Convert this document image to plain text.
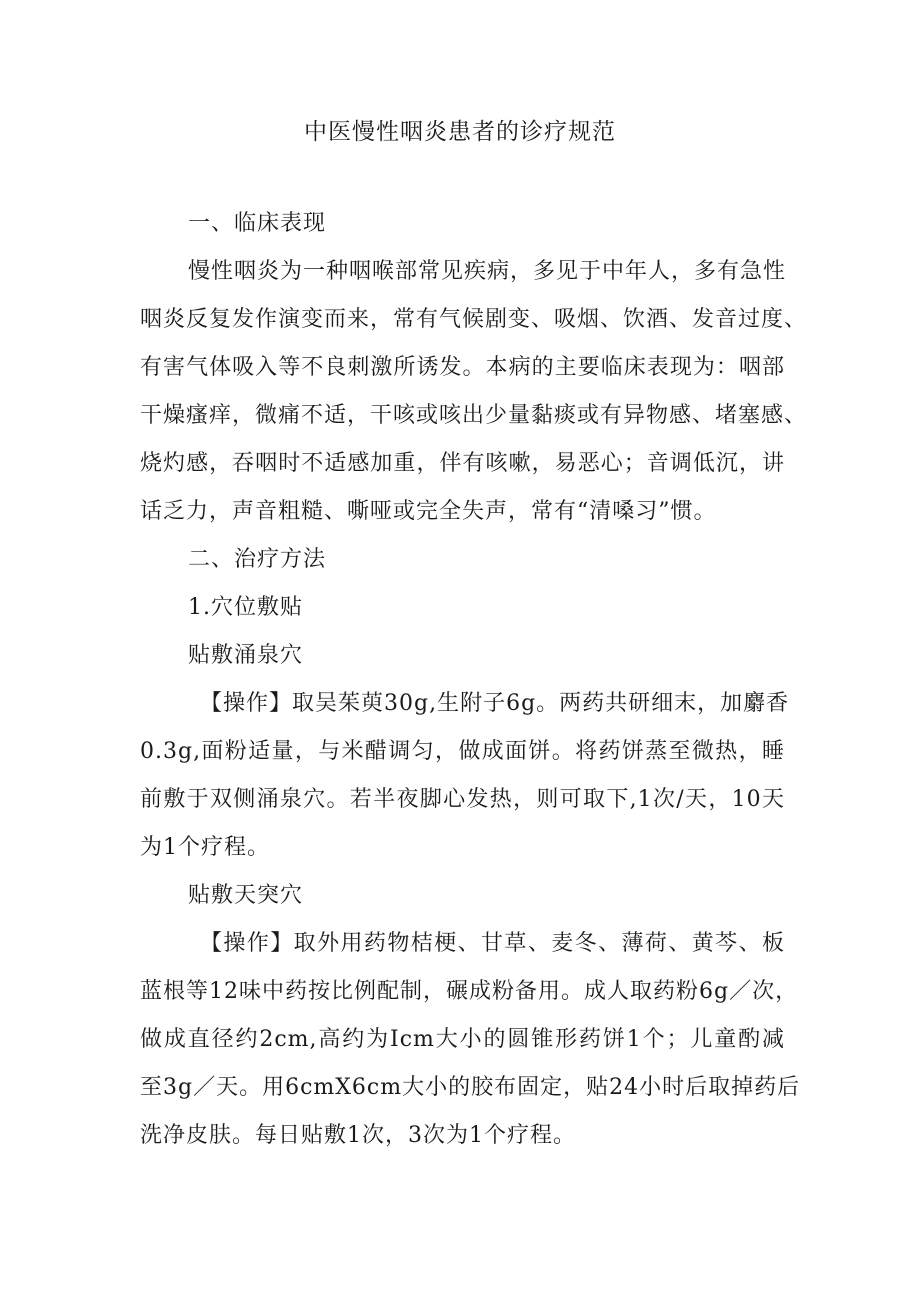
中医慢性咽炎患者的诊疗规范
一、临床表现
慢性咽炎为一种咽喉部常见疾病，多见于中年人，多有急性
咽炎反复发作演变而来，常有气候剧变、吸烟、饮酒、发音过度、
有害气体吸入等不良刺激所诱发。本病的主要临床表现为：咽部
干燥瘙痒，微痛不适，干咳或咳出少量黏痰或有异物感、堵塞感、
烧灼感，吞咽时不适感加重，伴有咳嗽，易恶心；音调低沉，讲
话乏力，声音粗糙、嘶哑或完全失声，常有“清嗓习”惯。
二、治疗方法
1.穴位敷贴
贴敷涌泉穴
【操作】取吴茱萸30g,生附子6g。两药共研细末，加麝香
0.3g,面粉适量，与米醋调匀，做成面饼。将药饼蒸至微热，睡
前敷于双侧涌泉穴。若半夜脚心发热，则可取下,1次/天，10天
为1个疗程。
贴敷天突穴
【操作】取外用药物桔梗、甘草、麦冬、薄荷、黄芩、板
蓝根等12味中药按比例配制，碾成粉备用。成人取药粉6g／次，
做成直径约2cm,高约为Icm大小的圆锥形药饼1个；儿童酌减
至3g／天。用6cmX6cm大小的胶布固定，贴24小时后取掉药后
洗净皮肤。每日贴敷1次，3次为1个疗程。
